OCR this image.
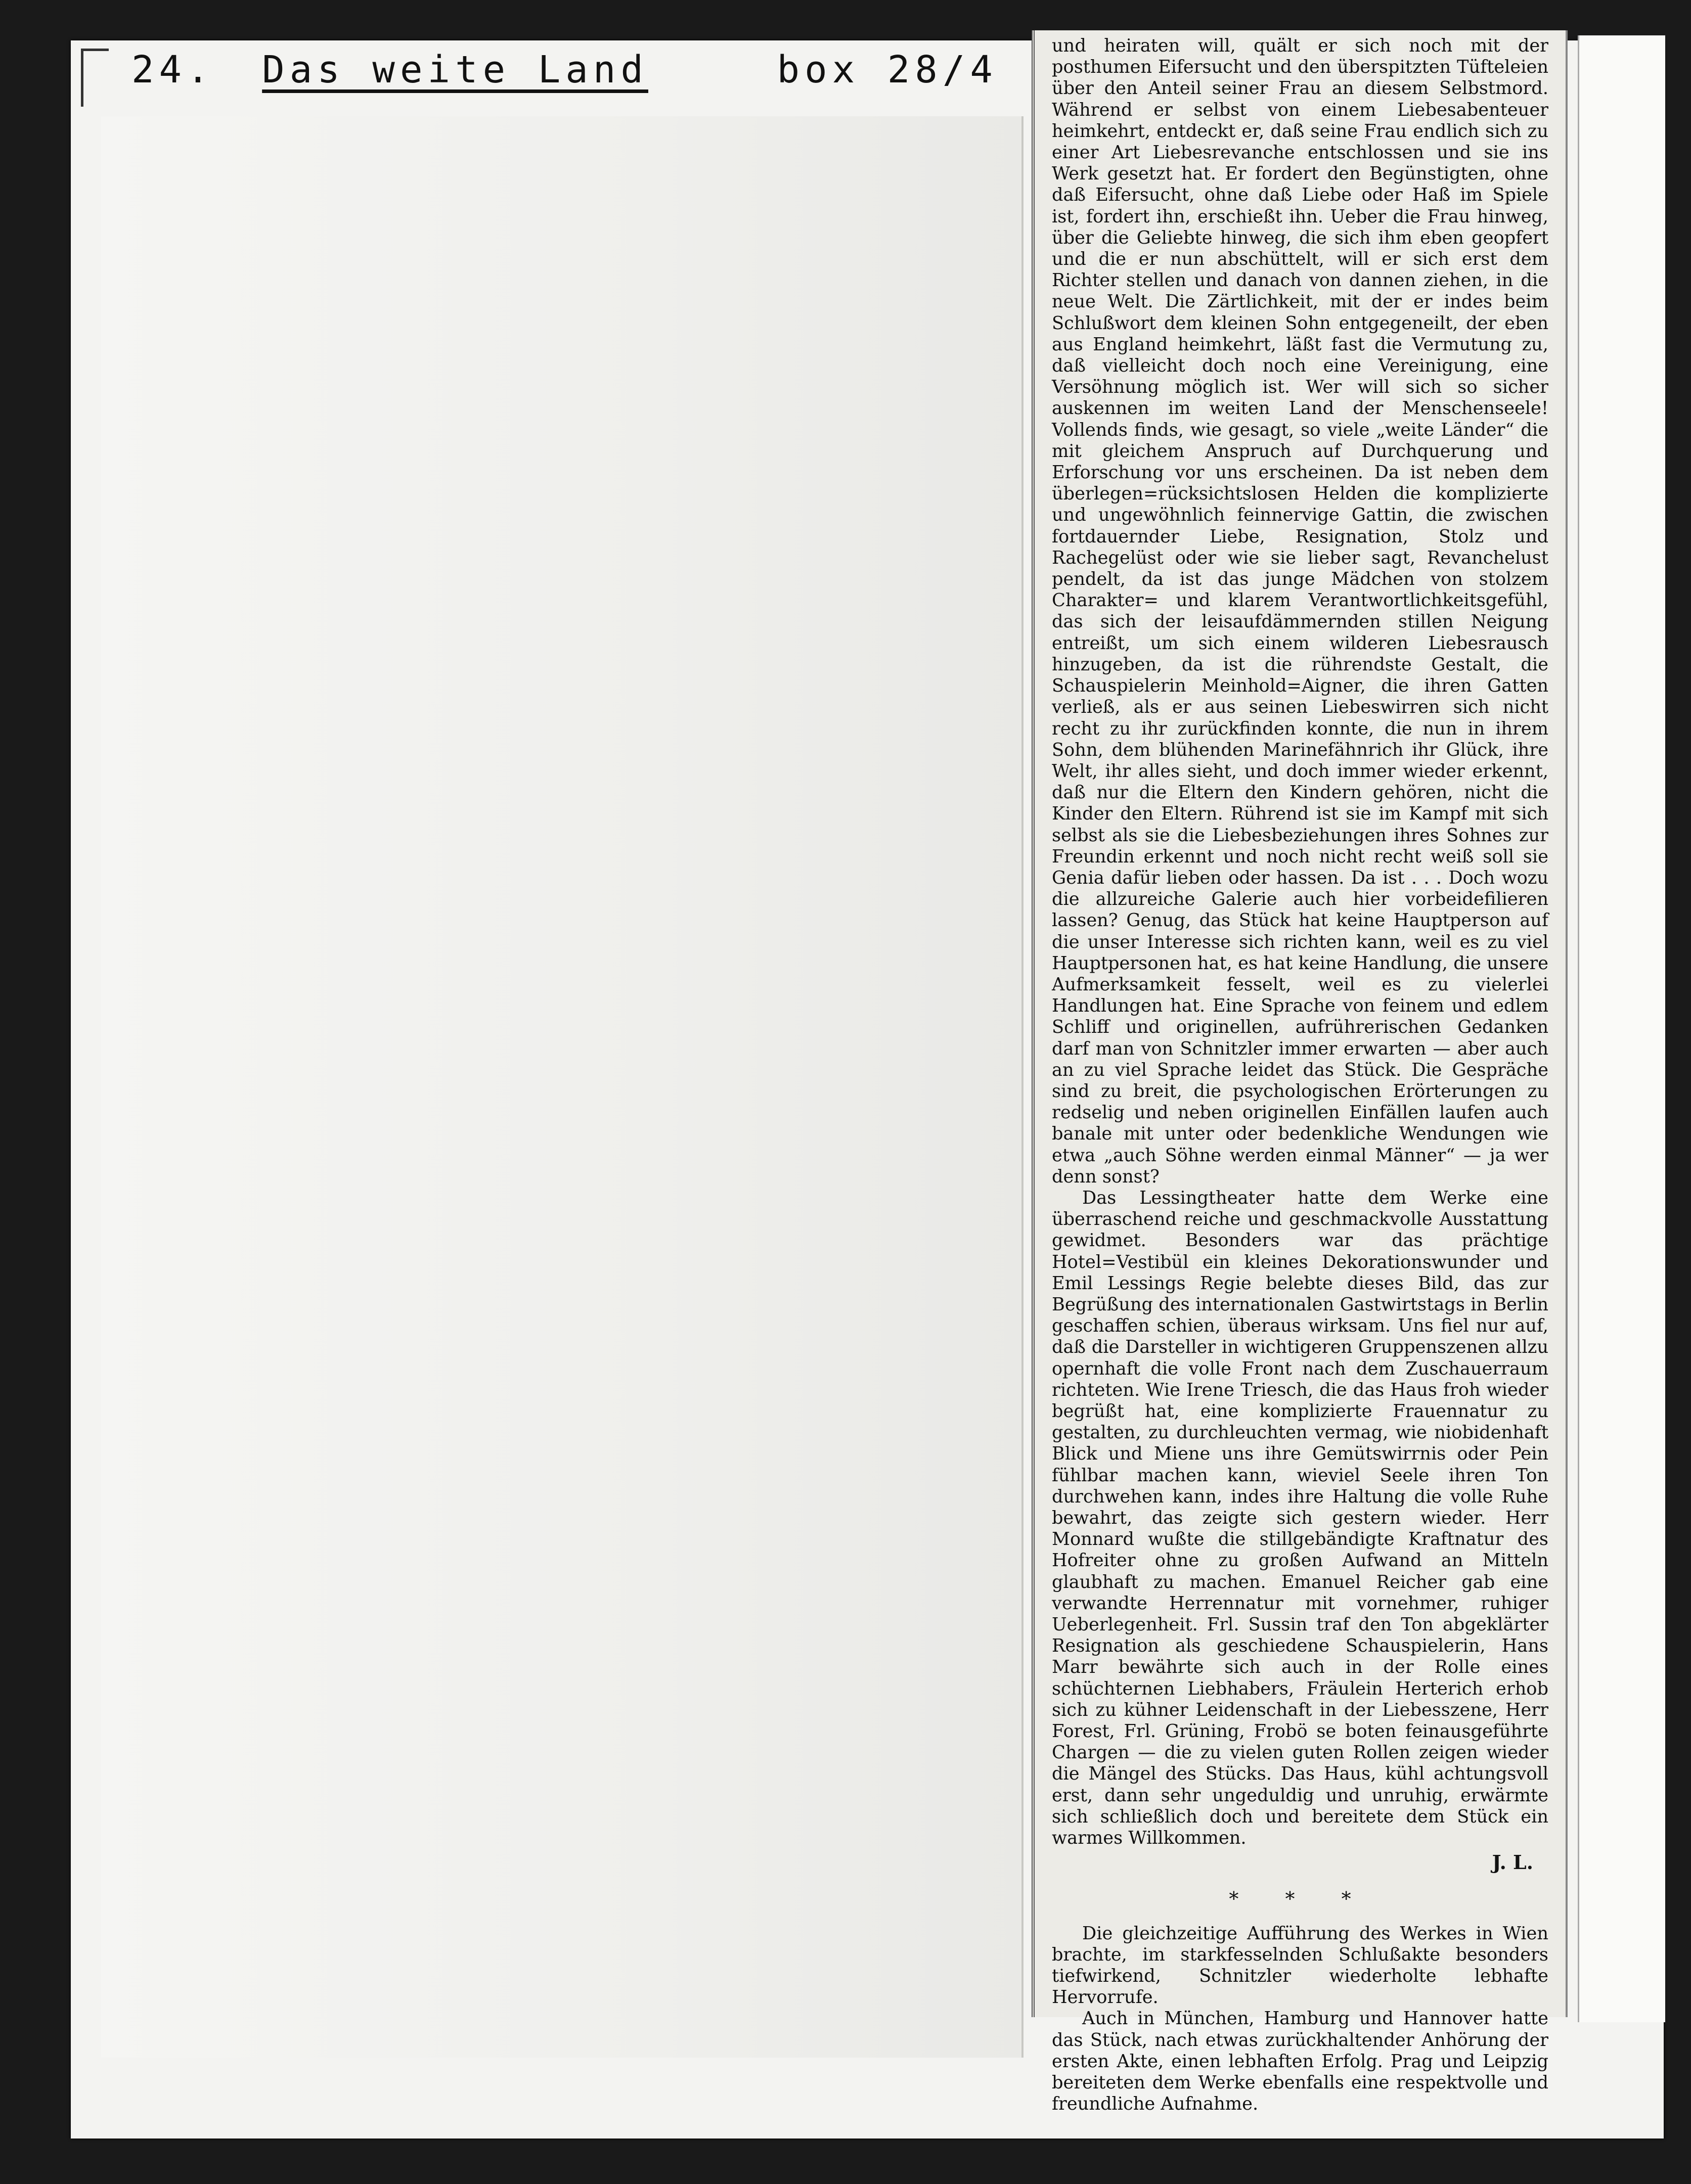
24. Das weite Land	box 28/4

und heiraten will, quält er sich noch mit der posthumen Eifersucht und den überspitzten Tüfteleien über den Anteil seiner Frau an diesem Selbstmord. Während er selbst von einem Liebesabenteuer heimkehrt, entdeckt er, daß seine Frau endlich sich zu einer Art Liebesrevanche entschlossen und sie ins Werk gesetzt hat. Er fordert den Begünstigten, ohne daß Eifersucht, ohne daß Liebe oder Haß im Spiele ist, fordert ihn, erschießt ihn. Ueber die Frau hinweg, über die Geliebte hinweg, die sich ihm eben geopfert und die er nun abschüttelt, will er sich erst dem Richter stellen und danach von dannen ziehen, in die neue Welt. Die Zärtlichkeit, mit der er indes beim Schlußwort dem kleinen Sohn entgegeneilt, der eben aus England heimkehrt, läßt fast die Vermutung zu, daß vielleicht doch noch eine Vereinigung, eine Versöhnung möglich ist. Wer will sich so sicher auskennen im weiten Land der Menschenseele! Vollends finds, wie gesagt, so viele „weite Länder“ die mit gleichem Anspruch auf Durchquerung und Erforschung vor uns erscheinen. Da ist neben dem überlegen=rücksichtslosen Helden die komplizierte und ungewöhnlich feinnervige Gattin, die zwischen fortdauernder Liebe, Resignation, Stolz und Rachegelüst oder wie sie lieber sagt, Revanchelust pendelt, da ist das junge Mädchen von stolzem Charakter= und klarem Verantwortlichkeitsgefühl, das sich der leisaufdämmernden stillen Neigung entreißt, um sich einem wilderen Liebesrausch hinzugeben, da ist die rührendste Gestalt, die Schauspielerin Meinhold=Aigner, die ihren Gatten verließ, als er aus seinen Liebeswirren sich nicht recht zu ihr zurückfinden konnte, die nun in ihrem Sohn, dem blühenden Marinefähnrich ihr Glück, ihre Welt, ihr alles sieht, und doch immer wieder erkennt, daß nur die Eltern den Kindern gehören, nicht die Kinder den Eltern. Rührend ist sie im Kampf mit sich selbst als sie die Liebesbeziehungen ihres Sohnes zur Freundin erkennt und noch nicht recht weiß soll sie Genia dafür lieben oder hassen. Da ist . . . Doch wozu die allzureiche Galerie auch hier vorbeidefilieren lassen? Genug, das Stück hat keine Hauptperson auf die unser Interesse sich richten kann, weil es zu viel Hauptpersonen hat, es hat keine Handlung, die unsere Aufmerksamkeit fesselt, weil es zu vielerlei Handlungen hat. Eine Sprache von feinem und edlem Schliff und originellen, aufrührerischen Gedanken darf man von Schnitzler immer erwarten — aber auch an zu viel Sprache leidet das Stück. Die Gespräche sind zu breit, die psychologischen Erörterungen zu redselig und neben originellen Einfällen laufen auch banale mit unter oder bedenkliche Wendungen wie etwa „auch Söhne werden einmal Männer“ — ja wer denn sonst?

Das Lessingtheater hatte dem Werke eine überraschend reiche und geschmackvolle Ausstattung gewidmet. Besonders war das prächtige Hotel=Vestibül ein kleines Dekorationswunder und Emil Lessings Regie belebte dieses Bild, das zur Begrüßung des internationalen Gastwirtstags in Berlin geschaffen schien, überaus wirksam. Uns fiel nur auf, daß die Darsteller in wichtigeren Gruppenszenen allzu opernhaft die volle Front nach dem Zuschauerraum richteten. Wie Irene Triesch, die das Haus froh wieder begrüßt hat, eine komplizierte Frauennatur zu gestalten, zu durchleuchten vermag, wie niobidenhaft Blick und Miene uns ihre Gemütswirrnis oder Pein fühlbar machen kann, wieviel Seele ihren Ton durchwehen kann, indes ihre Haltung die volle Ruhe bewahrt, das zeigte sich gestern wieder. Herr Monnard wußte die stillgebändigte Kraftnatur des Hofreiter ohne zu großen Aufwand an Mitteln glaubhaft zu machen. Emanuel Reicher gab eine verwandte Herrennatur mit vornehmer, ruhiger Ueberlegenheit. Frl. Sussin traf den Ton abgeklärter Resignation als geschiedene Schauspielerin, Hans Marr bewährte sich auch in der Rolle eines schüchternen Liebhabers, Fräulein Herterich erhob sich zu kühner Leidenschaft in der Liebesszene, Herr Forest, Frl. Grüning, Frobö se boten feinausgeführte Chargen — die zu vielen guten Rollen zeigen wieder die Mängel des Stücks. Das Haus, kühl achtungsvoll erst, dann sehr ungeduldig und unruhig, erwärmte sich schließlich doch und bereitete dem Stück ein warmes Willkommen.

J. L.
* * *

Die gleichzeitige Aufführung des Werkes in Wien brachte, im starkfesselnden Schlußakte besonders tiefwirkend, Schnitzler wiederholte lebhafte Hervorrufe.

Auch in München, Hamburg und Hannover hatte das Stück, nach etwas zurückhaltender Anhörung der ersten Akte, einen lebhaften Erfolg. Prag und Leipzig bereiteten dem Werke ebenfalls eine respektvolle und freundliche Aufnahme.
